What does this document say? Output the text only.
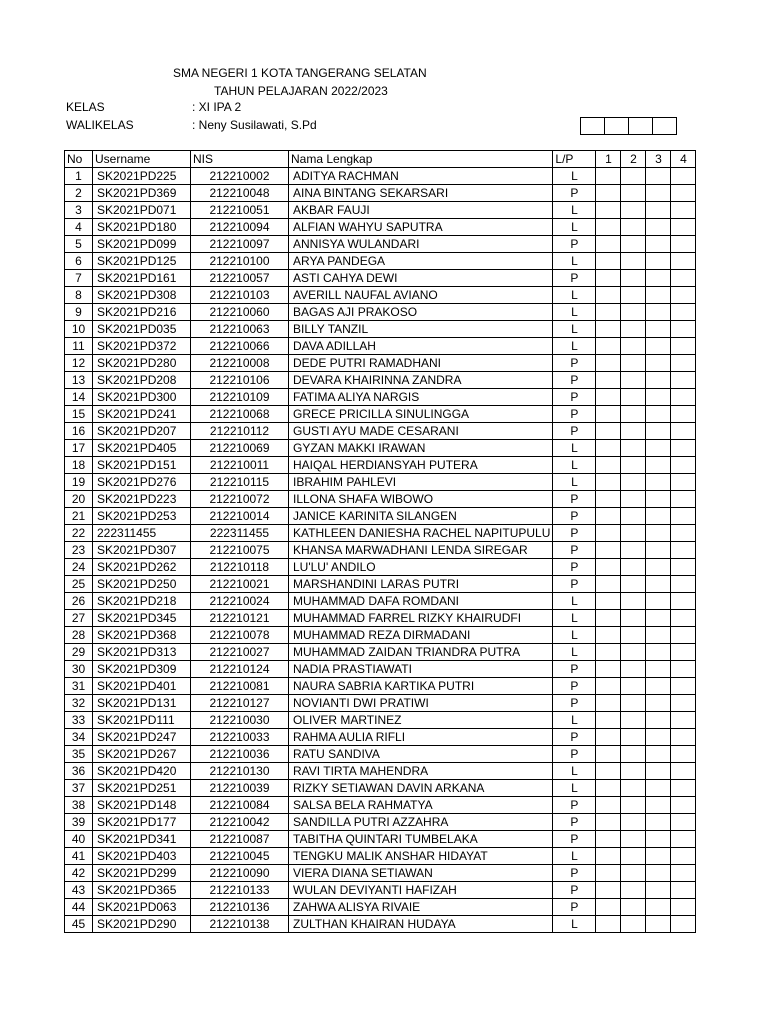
SMA NEGERI 1 KOTA TANGERANG SELATAN
TAHUN PELAJARAN 2022/2023
KELAS	: XI IPA 2
WALIKELAS	: Neny Susilawati, S.Pd

No	Username	NIS	Nama Lengkap	L/P	1	2	3	4
1	SK2021PD225	212210002	ADITYA RACHMAN	L				
2	SK2021PD369	212210048	AINA BINTANG SEKARSARI	P				
3	SK2021PD071	212210051	AKBAR FAUJI	L				
4	SK2021PD180	212210094	ALFIAN WAHYU SAPUTRA	L				
5	SK2021PD099	212210097	ANNISYA WULANDARI	P				
6	SK2021PD125	212210100	ARYA PANDEGA	L				
7	SK2021PD161	212210057	ASTI CAHYA DEWI	P				
8	SK2021PD308	212210103	AVERILL NAUFAL AVIANO	L				
9	SK2021PD216	212210060	BAGAS AJI PRAKOSO	L				
10	SK2021PD035	212210063	BILLY TANZIL	L				
11	SK2021PD372	212210066	DAVA ADILLAH	L				
12	SK2021PD280	212210008	DEDE PUTRI RAMADHANI	P				
13	SK2021PD208	212210106	DEVARA KHAIRINNA ZANDRA	P				
14	SK2021PD300	212210109	FATIMA ALIYA NARGIS	P				
15	SK2021PD241	212210068	GRECE PRICILLA SINULINGGA	P				
16	SK2021PD207	212210112	GUSTI AYU MADE CESARANI	P				
17	SK2021PD405	212210069	GYZAN MAKKI IRAWAN	L				
18	SK2021PD151	212210011	HAIQAL HERDIANSYAH PUTERA	L				
19	SK2021PD276	212210115	IBRAHIM PAHLEVI	L				
20	SK2021PD223	212210072	ILLONA SHAFA WIBOWO	P				
21	SK2021PD253	212210014	JANICE KARINITA SILANGEN	P				
22	222311455	222311455	KATHLEEN DANIESHA RACHEL NAPITUPULU	P				
23	SK2021PD307	212210075	KHANSA MARWADHANI LENDA SIREGAR	P				
24	SK2021PD262	212210118	LU'LU' ANDILO	P				
25	SK2021PD250	212210021	MARSHANDINI LARAS PUTRI	P				
26	SK2021PD218	212210024	MUHAMMAD DAFA ROMDANI	L				
27	SK2021PD345	212210121	MUHAMMAD FARREL RIZKY KHAIRUDFI	L				
28	SK2021PD368	212210078	MUHAMMAD REZA DIRMADANI	L				
29	SK2021PD313	212210027	MUHAMMAD ZAIDAN TRIANDRA PUTRA	L				
30	SK2021PD309	212210124	NADIA PRASTIAWATI	P				
31	SK2021PD401	212210081	NAURA SABRIA KARTIKA PUTRI	P				
32	SK2021PD131	212210127	NOVIANTI DWI PRATIWI	P				
33	SK2021PD111	212210030	OLIVER MARTINEZ	L				
34	SK2021PD247	212210033	RAHMA AULIA RIFLI	P				
35	SK2021PD267	212210036	RATU SANDIVA	P				
36	SK2021PD420	212210130	RAVI TIRTA MAHENDRA	L				
37	SK2021PD251	212210039	RIZKY SETIAWAN DAVIN ARKANA	L				
38	SK2021PD148	212210084	SALSA BELA RAHMATYA	P				
39	SK2021PD177	212210042	SANDILLA PUTRI AZZAHRA	P				
40	SK2021PD341	212210087	TABITHA QUINTARI TUMBELAKA	P				
41	SK2021PD403	212210045	TENGKU MALIK ANSHAR HIDAYAT	L				
42	SK2021PD299	212210090	VIERA DIANA SETIAWAN	P				
43	SK2021PD365	212210133	WULAN DEVIYANTI HAFIZAH	P				
44	SK2021PD063	212210136	ZAHWA ALISYA RIVAIE	P				
45	SK2021PD290	212210138	ZULTHAN KHAIRAN HUDAYA	L				
